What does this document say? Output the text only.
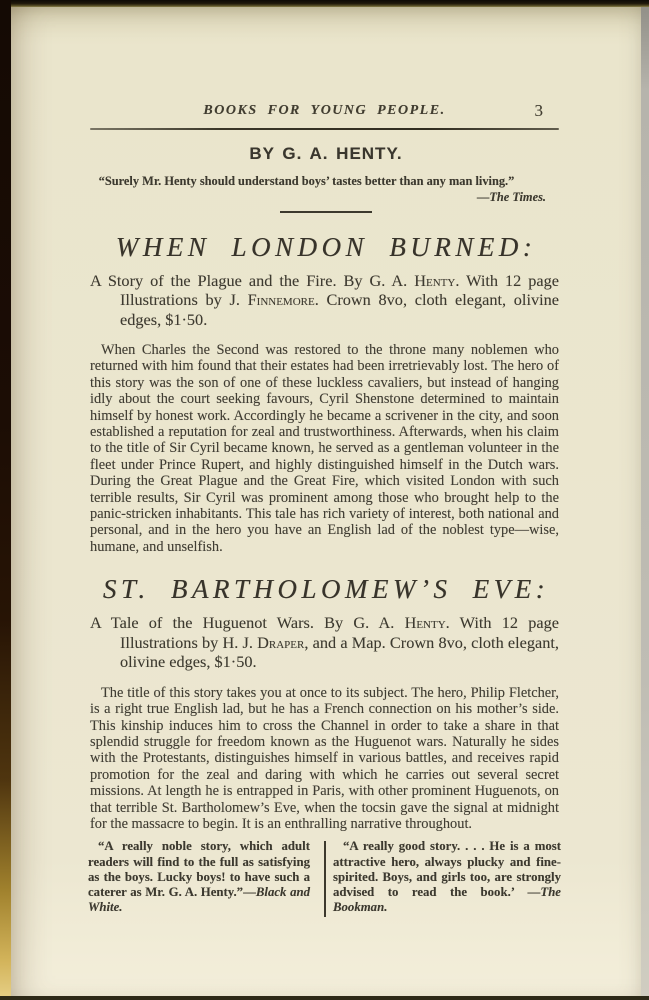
BOOKS FOR YOUNG PEOPLE.	3
BY G. A. HENTY.
“Surely Mr. Henty should understand boys’ tastes better than any man living.”
—The Times.
WHEN LONDON BURNED:

A Story of the Plague and the Fire. By G. A. Henty. With 12 page Illustrations by J. Finnemore. Crown 8vo, cloth elegant, olivine edges, $1·50.

When Charles the Second was restored to the throne many noblemen who returned with him found that their estates had been irretrievably lost. The hero of this story was the son of one of these luckless cavaliers, but instead of hanging idly about the court seeking favours, Cyril Shenstone determined to maintain himself by honest work. Accordingly he became a scrivener in the city, and soon established a reputation for zeal and trustworthiness. Afterwards, when his claim to the title of Sir Cyril became known, he served as a gentleman volunteer in the fleet under Prince Rupert, and highly distinguished himself in the Dutch wars. During the Great Plague and the Great Fire, which visited London with such terrible results, Sir Cyril was prominent among those who brought help to the panic-stricken inhabitants. This tale has rich variety of interest, both national and personal, and in the hero you have an English lad of the noblest type—wise, humane, and unselfish.

ST. BARTHOLOMEW’S EVE:

A Tale of the Huguenot Wars. By G. A. Henty. With 12 page Illustrations by H. J. Draper, and a Map. Crown 8vo, cloth elegant, olivine edges, $1·50.

The title of this story takes you at once to its subject. The hero, Philip Fletcher, is a right true English lad, but he has a French connection on his mother’s side. This kinship induces him to cross the Channel in order to take a share in that splendid struggle for freedom known as the Huguenot wars. Naturally he sides with the Protestants, distinguishes himself in various battles, and receives rapid promotion for the zeal and daring with which he carries out several secret missions. At length he is entrapped in Paris, with other prominent Huguenots, on that terrible St. Bartholomew’s Eve, when the tocsin gave the signal at midnight for the massacre to begin. It is an enthralling narrative throughout.

“A really noble story, which adult readers will find to the full as satisfying as the boys. Lucky boys! to have such a caterer as Mr. G. A. Henty.”—Black and White.

“A really good story. . . . He is a most attractive hero, always plucky and fine-spirited. Boys, and girls too, are strongly advised to read the book.’ —The Bookman.
